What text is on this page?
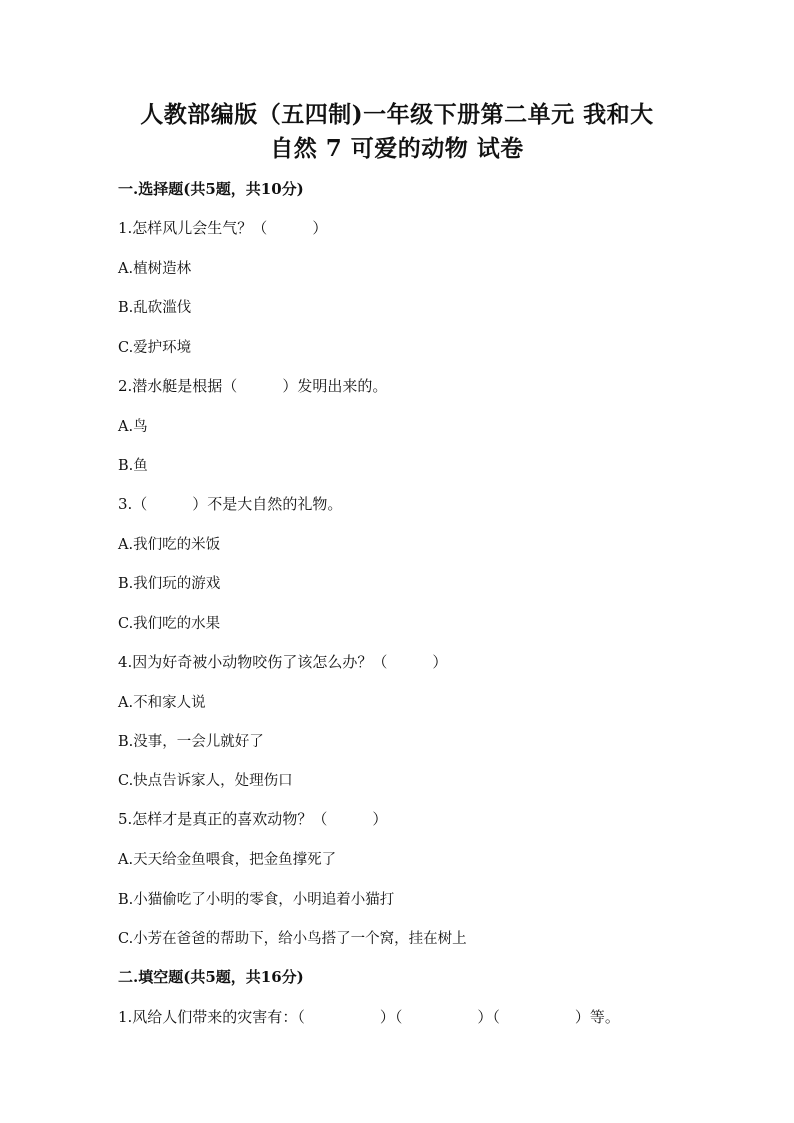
人教部编版（五四制)一年级下册第二单元 我和大
自然 7 可爱的动物 试卷
一.选择题(共5题，共10分)
1.怎样风儿会生气？（　　　）
A.植树造林
B.乱砍滥伐
C.爱护环境
2.潜水艇是根据（　　　）发明出来的。
A.鸟
B.鱼
3.（　　　）不是大自然的礼物。
A.我们吃的米饭
B.我们玩的游戏
C.我们吃的水果
4.因为好奇被小动物咬伤了该怎么办？（　　　）
A.不和家人说
B.没事，一会儿就好了
C.快点告诉家人，处理伤口
5.怎样才是真正的喜欢动物？（　　　）
A.天天给金鱼喂食，把金鱼撑死了
B.小猫偷吃了小明的零食，小明追着小猫打
C.小芳在爸爸的帮助下，给小鸟搭了一个窝，挂在树上
二.填空题(共5题，共16分)
1.风给人们带来的灾害有：（　　　　　）（　　　　　）（　　　　　）等。
